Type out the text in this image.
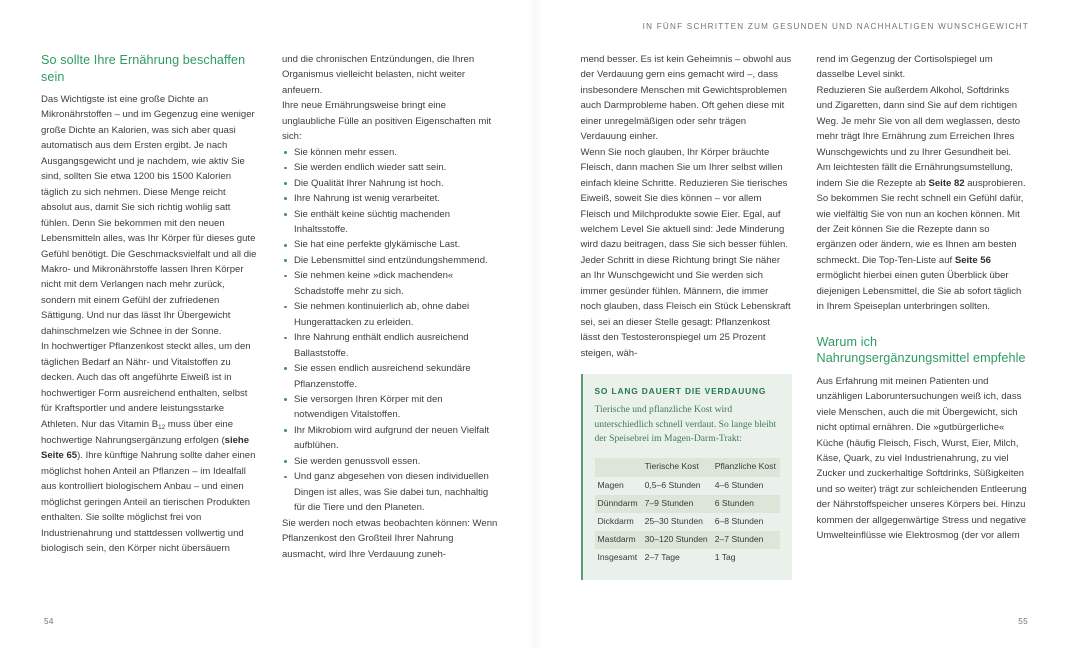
So sollte Ihre Ernährung beschaffen sein

Das Wichtigste ist eine große Dichte an Mikronährstoffen – und im Gegenzug eine weniger große Dichte an Kalorien, was sich aber quasi automatisch aus dem Ersten ergibt. Je nach Ausgangsgewicht und je nachdem, wie aktiv Sie sind, sollten Sie etwa 1200 bis 1500 Kalorien täglich zu sich nehmen. Diese Menge reicht absolut aus, damit Sie sich richtig wohlig satt fühlen. Denn Sie bekommen mit den neuen Lebensmitteln alles, was Ihr Körper für dieses gute Gefühl benötigt. Die Geschmacksvielfalt und all die Makro- und Mikronährstoffe lassen Ihren Körper nicht mit dem Verlangen nach mehr zurück, sondern mit einem Gefühl der zufriedenen Sättigung. Und nur das lässt Ihr Übergewicht dahinschmelzen wie Schnee in der Sonne.

In hochwertiger Pflanzenkost steckt alles, um den täglichen Bedarf an Nähr- und Vitalstoffen zu decken. Auch das oft angeführte Eiweiß ist in hochwertiger Form ausreichend enthalten, selbst für Kraftsportler und andere leistungsstarke Athleten. Nur das Vitamin $B_{12}$ muss über eine hochwertige Nahrungsergänzung erfolgen (siehe Seite 65). Ihre künftige Nahrung sollte daher einen möglichst hohen Anteil an Pflanzen – im Idealfall aus kontrolliert biologischem Anbau – und einen möglichst geringen Anteil an tierischen Produkten enthalten. Sie sollte möglichst frei von Industrienahrung und stattdessen vollwertig und biologisch sein, den Körper nicht übersäuern

und die chronischen Entzündungen, die Ihren Organismus vielleicht belasten, nicht weiter anfeuern.

Ihre neue Ernährungsweise bringt eine unglaubliche Fülle an positiven Eigenschaften mit sich:

Sie können mehr essen.
Sie werden endlich wieder satt sein.
Die Qualität Ihrer Nahrung ist hoch.
Ihre Nahrung ist wenig verarbeitet.
Sie enthält keine süchtig machenden Inhaltsstoffe.
Sie hat eine perfekte glykämische Last.
Die Lebensmittel sind entzündungshemmend.
Sie nehmen keine »dick machenden« Schadstoffe mehr zu sich.
Sie nehmen kontinuierlich ab, ohne dabei Hungerattacken zu erleiden.
Ihre Nahrung enthält endlich ausreichend Ballaststoffe.
Sie essen endlich ausreichend sekundäre Pflanzenstoffe.
Sie versorgen Ihren Körper mit den notwendigen Vitalstoffen.
Ihr Mikrobiom wird aufgrund der neuen Vielfalt aufblühen.
Sie werden genussvoll essen.
Und ganz abgesehen von diesen individuellen Dingen ist alles, was Sie dabei tun, nachhaltig für die Tiere und den Planeten.

Sie werden noch etwas beobachten können: Wenn Pflanzenkost den Großteil Ihrer Nahrung ausmacht, wird Ihre Verdauung zuneh-

54
IN FÜNF SCHRITTEN ZUM GESUNDEN UND NACHHALTIGEN WUNSCHGEWICHT

mend besser. Es ist kein Geheimnis – obwohl aus der Verdauung gern eins gemacht wird –, dass insbesondere Menschen mit Gewichtsproblemen auch Darmprobleme haben. Oft gehen diese mit einer unregelmäßigen oder sehr trägen Verdauung einher.

Wenn Sie noch glauben, Ihr Körper bräuchte Fleisch, dann machen Sie um Ihrer selbst willen einfach kleine Schritte. Reduzieren Sie tierisches Eiweiß, soweit Sie dies können – vor allem Fleisch und Milchprodukte sowie Eier. Egal, auf welchem Level Sie aktuell sind: Jede Minderung wird dazu beitragen, dass Sie sich besser fühlen. Jeder Schritt in diese Richtung bringt Sie näher an Ihr Wunschgewicht und Sie werden sich immer gesünder fühlen. Männern, die immer noch glauben, dass Fleisch ein Stück Lebenskraft sei, sei an dieser Stelle gesagt: Pflanzenkost lässt den Testosteronspiegel um 25 Prozent steigen, wäh-

SO LANG DAUERT DIE VERDAUUNG
Tierische und pflanzliche Kost wird unterschiedlich schnell verdaut. So lange bleibt der Speisebrei im Magen-Darm-Trakt:
	Tierische Kost	Pflanzliche Kost
Magen	0,5–6 Stunden	4–6 Stunden
Dünndarm	7–9 Stunden	6 Stunden
Dickdarm	25–30 Stunden	6–8 Stunden
Mastdarm	30–120 Stunden	2–7 Stunden
Insgesamt	2–7 Tage	1 Tag

rend im Gegenzug der Cortisolspiegel um dasselbe Level sinkt.

Reduzieren Sie außerdem Alkohol, Softdrinks und Zigaretten, dann sind Sie auf dem richtigen Weg. Je mehr Sie von all dem weglassen, desto mehr trägt Ihre Ernährung zum Erreichen Ihres Wunschgewichts und zu Ihrer Gesundheit bei.

Am leichtesten fällt die Ernährungsumstellung, indem Sie die Rezepte ab Seite 82 ausprobieren. So bekommen Sie recht schnell ein Gefühl dafür, wie vielfältig Sie von nun an kochen können. Mit der Zeit können Sie die Rezepte dann so ergänzen oder ändern, wie es Ihnen am besten schmeckt. Die Top-Ten-Liste auf Seite 56 ermöglicht hierbei einen guten Überblick über diejenigen Lebensmittel, die Sie ab sofort täglich in Ihrem Speiseplan unterbringen sollten.

Warum ich Nahrungsergänzungsmittel empfehle

Aus Erfahrung mit meinen Patienten und unzähligen Laboruntersuchungen weiß ich, dass viele Menschen, auch die mit Übergewicht, sich nicht optimal ernähren. Die »gutbürgerliche« Küche (häufig Fleisch, Fisch, Wurst, Eier, Milch, Käse, Quark, zu viel Industrienahrung, zu viel Zucker und zuckerhaltige Softdrinks, Süßigkeiten und so weiter) trägt zur schleichenden Entleerung der Nährstoffspeicher unseres Körpers bei. Hinzu kommen der allgegenwärtige Stress und negative Umwelteinflüsse wie Elektrosmog (der vor allem

55
